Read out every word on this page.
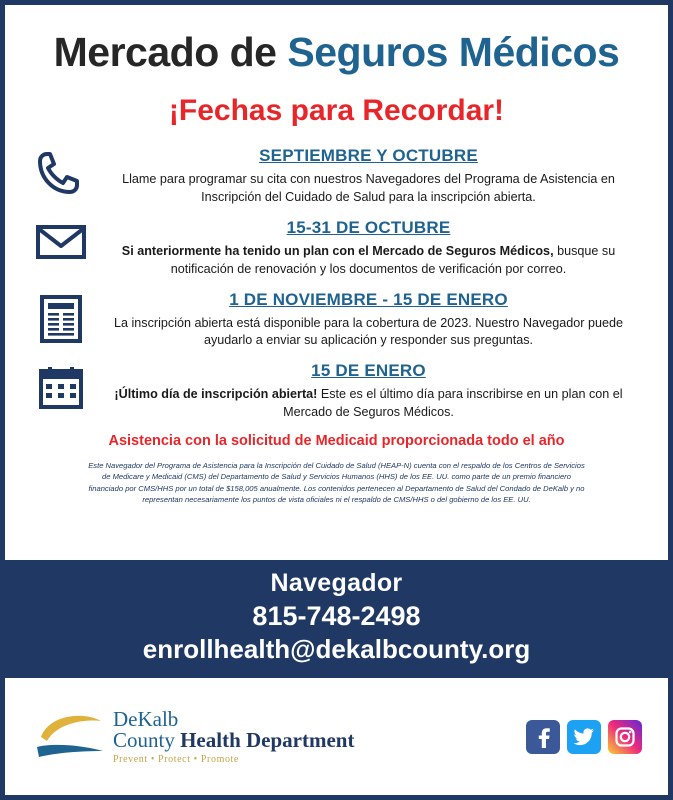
Mercado de Seguros Médicos
¡Fechas para Recordar!
SEPTIEMBRE Y OCTUBRE
Llame para programar su cita con nuestros Navegadores del Programa de Asistencia en Inscripción del Cuidado de Salud para la inscripción abierta.
15-31 DE OCTUBRE
Si anteriormente ha tenido un plan con el Mercado de Seguros Médicos, busque su notificación de renovación y los documentos de verificación por correo.
1 DE NOVIEMBRE - 15 DE ENERO
La inscripción abierta está disponible para la cobertura de 2023. Nuestro Navegador puede ayudarlo a enviar su aplicación y responder sus preguntas.
15 DE ENERO
¡Último día de inscripción abierta! Este es el último día para inscribirse en un plan con el Mercado de Seguros Médicos.
Asistencia con la solicitud de Medicaid proporcionada todo el año
Este Navegador del Programa de Asistencia para la Inscripción del Cuidado de Salud (HEAP-N) cuenta con el respaldo de los Centros de Servicios de Medicare y Medicaid (CMS) del Departamento de Salud y Servicios Humanos (HHS) de los EE. UU. como parte de un premio financiero financiado por CMS/HHS por un total de $158,005 anualmente. Los contenidos pertenecen al Departamento de Salud del Condado de DeKalb y no representan necesariamente los puntos de vista oficiales ni el respaldo de CMS/HHS o del gobierno de los EE. UU.
Navegador
815-748-2498
enrollhealth@dekalbcounty.org
DeKalb
County Health Department
Prevent • Protect • Promote
